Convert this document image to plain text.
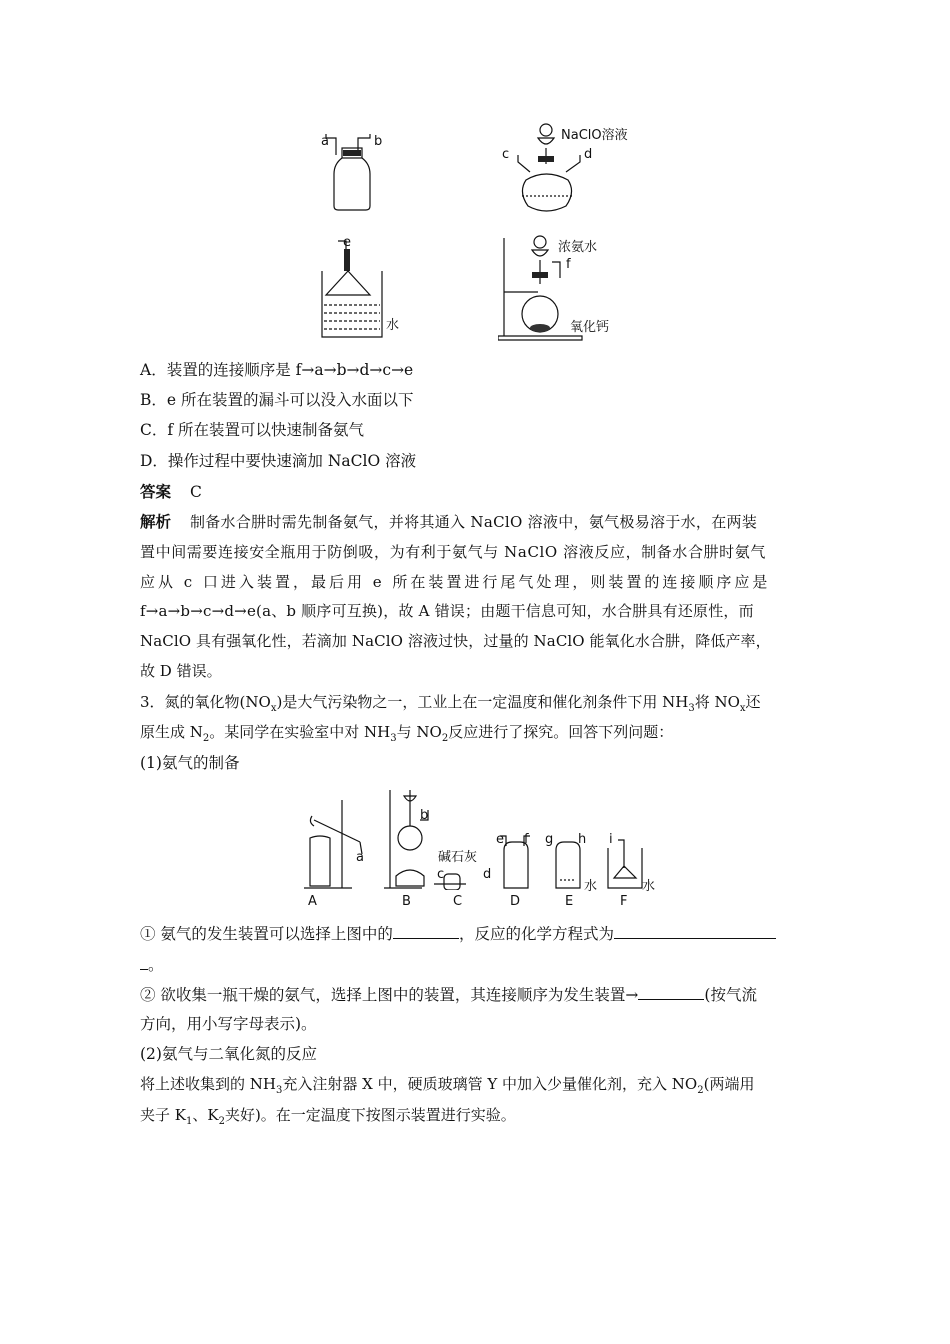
a	b
c	d
NaClO溶液
e
水
浓氨水
f
氧化钙
A．装置的连接顺序是 f→a→b→d→c→e
B．e 所在装置的漏斗可以没入水面以下
C．f 所在装置可以快速制备氨气
D．操作过程中要快速滴加 NaClO 溶液
答案 C
解析 制备水合肼时需先制备氨气，并将其通入 NaClO 溶液中，氨气极易溶于水，在两装
置中间需要连接安全瓶用于防倒吸，为有利于氨气与 NaClO 溶液反应，制备水合肼时氨气
应从 c 口进入装置，最后用 e 所在装置进行尾气处理，则装置的连接顺序应是
f→a→b→c→d→e(a、b 顺序可互换)，故 A 错误；由题干信息可知，水合肼具有还原性，而
NaClO 具有强氧化性，若滴加 NaClO 溶液过快，过量的 NaClO 能氧化水合肼，降低产率，
故 D 错误。
3．氮的氧化物$(NO_x)$是大气污染物之一，工业上在一定温度和催化剂条件下用 $NH_3$将 $NO_x$还
原生成 $N_2$。某同学在实验室中对 $NH_3$与 $NO_2$反应进行了探究。回答下列问题：
(1)氨气的制备
A	B	C	D	E	F
a
b
c	d
碱石灰
e f g h i
水	水
① 氨气的发生装置可以选择上图中的	，反应的化学方程式为
。
② 欲收集一瓶干燥的氨气，选择上图中的装置，其连接顺序为发生装置→	(按气流
方向，用小写字母表示)。
(2)氨气与二氧化氮的反应
将上述收集到的 $NH_3$充入注射器 X 中，硬质玻璃管 Y 中加入少量催化剂，充入 $NO_2$(两端用
夹子 $K_1$、$K_2$夹好)。在一定温度下按图示装置进行实验。
